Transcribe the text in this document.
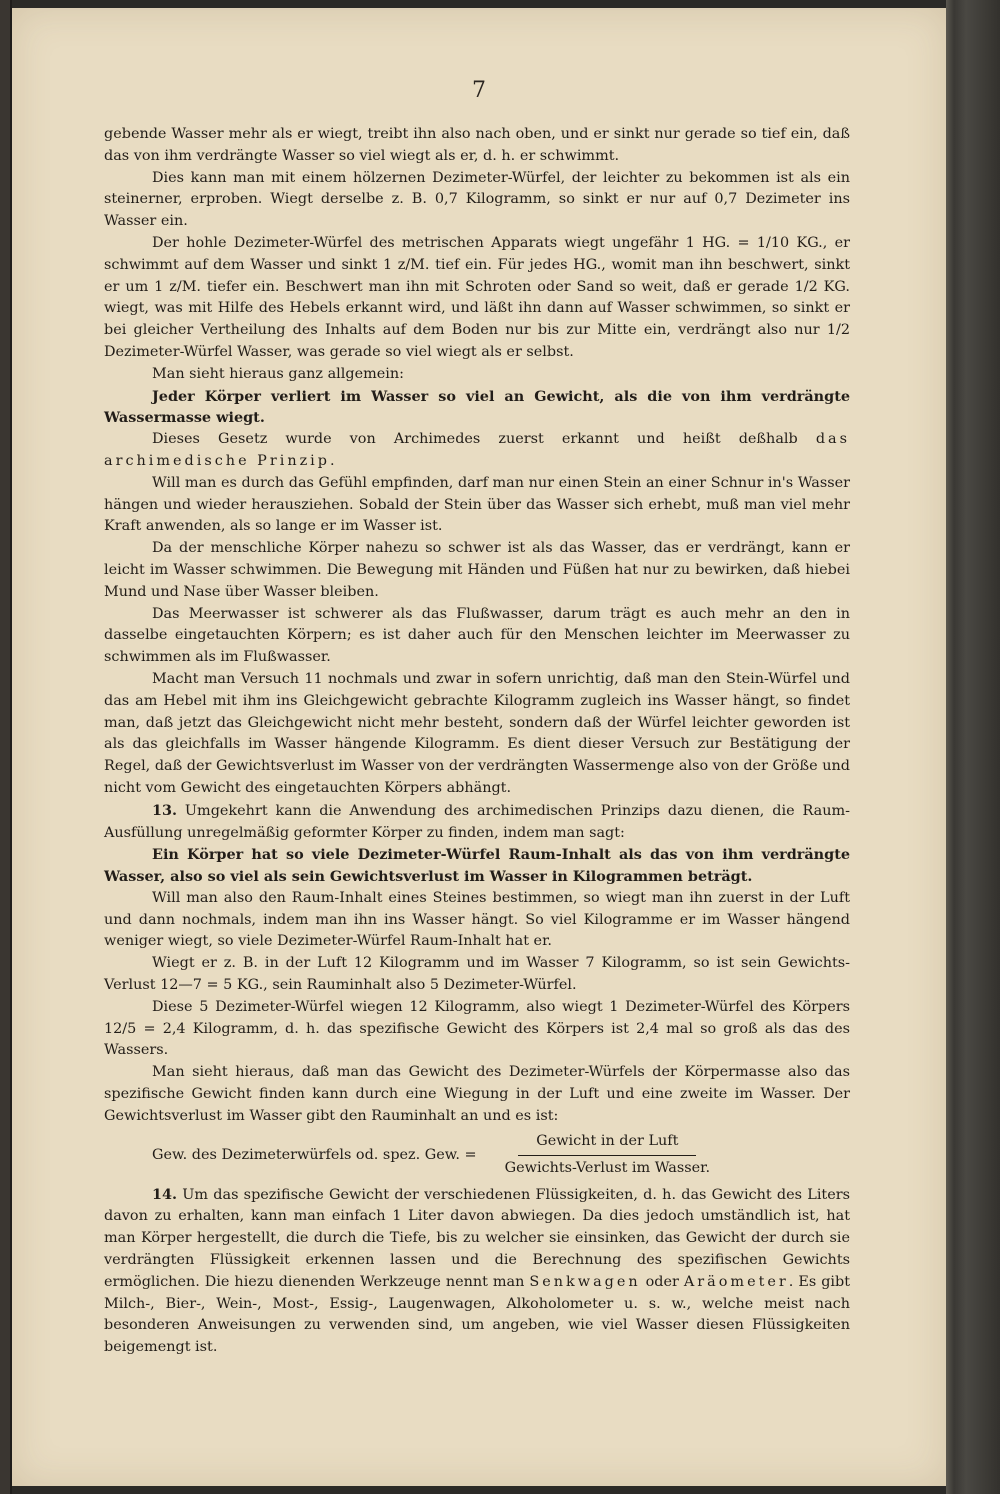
7

gebende Wasser mehr als er wiegt, treibt ihn also nach oben, und er sinkt nur gerade so tief ein, daß das von ihm verdrängte Wasser so viel wiegt als er, d. h. er schwimmt.

Dies kann man mit einem hölzernen Dezimeter-Würfel, der leichter zu bekommen ist als ein steinerner, erproben. Wiegt derselbe z. B. 0,7 Kilogramm, so sinkt er nur auf 0,7 Dezimeter ins Wasser ein.

Der hohle Dezimeter-Würfel des metrischen Apparats wiegt ungefähr 1 HG. = 1/10 KG., er schwimmt auf dem Wasser und sinkt 1 z/M. tief ein. Für jedes HG., womit man ihn beschwert, sinkt er um 1 z/M. tiefer ein. Beschwert man ihn mit Schroten oder Sand so weit, daß er gerade 1/2 KG. wiegt, was mit Hilfe des Hebels erkannt wird, und läßt ihn dann auf Wasser schwimmen, so sinkt er bei gleicher Vertheilung des Inhalts auf dem Boden nur bis zur Mitte ein, verdrängt also nur 1/2 Dezimeter-Würfel Wasser, was gerade so viel wiegt als er selbst.

Man sieht hieraus ganz allgemein:

Jeder Körper verliert im Wasser so viel an Gewicht, als die von ihm verdrängte Wassermasse wiegt.

Dieses Gesetz wurde von Archimedes zuerst erkannt und heißt deßhalb das archimedische Prinzip.

Will man es durch das Gefühl empfinden, darf man nur einen Stein an einer Schnur in's Wasser hängen und wieder herausziehen. Sobald der Stein über das Wasser sich erhebt, muß man viel mehr Kraft anwenden, als so lange er im Wasser ist.

Da der menschliche Körper nahezu so schwer ist als das Wasser, das er verdrängt, kann er leicht im Wasser schwimmen. Die Bewegung mit Händen und Füßen hat nur zu bewirken, daß hiebei Mund und Nase über Wasser bleiben.

Das Meerwasser ist schwerer als das Flußwasser, darum trägt es auch mehr an den in dasselbe eingetauchten Körpern; es ist daher auch für den Menschen leichter im Meerwasser zu schwimmen als im Flußwasser.

Macht man Versuch 11 nochmals und zwar in sofern unrichtig, daß man den Stein-Würfel und das am Hebel mit ihm ins Gleichgewicht gebrachte Kilogramm zugleich ins Wasser hängt, so findet man, daß jetzt das Gleichgewicht nicht mehr besteht, sondern daß der Würfel leichter geworden ist als das gleichfalls im Wasser hängende Kilogramm. Es dient dieser Versuch zur Bestätigung der Regel, daß der Gewichtsverlust im Wasser von der verdrängten Wassermenge also von der Größe und nicht vom Gewicht des eingetauchten Körpers abhängt.

13. Umgekehrt kann die Anwendung des archimedischen Prinzips dazu dienen, die Raum-Ausfüllung unregelmäßig geformter Körper zu finden, indem man sagt:

Ein Körper hat so viele Dezimeter-Würfel Raum-Inhalt als das von ihm verdrängte Wasser, also so viel als sein Gewichtsverlust im Wasser in Kilogrammen beträgt.

Will man also den Raum-Inhalt eines Steines bestimmen, so wiegt man ihn zuerst in der Luft und dann nochmals, indem man ihn ins Wasser hängt. So viel Kilogramme er im Wasser hängend weniger wiegt, so viele Dezimeter-Würfel Raum-Inhalt hat er.

Wiegt er z. B. in der Luft 12 Kilogramm und im Wasser 7 Kilogramm, so ist sein Gewichts-Verlust 12—7 = 5 KG., sein Rauminhalt also 5 Dezimeter-Würfel.

Diese 5 Dezimeter-Würfel wiegen 12 Kilogramm, also wiegt 1 Dezimeter-Würfel des Körpers 12/5 = 2,4 Kilogramm, d. h. das spezifische Gewicht des Körpers ist 2,4 mal so groß als das des Wassers.

Man sieht hieraus, daß man das Gewicht des Dezimeter-Würfels der Körpermasse also das spezifische Gewicht finden kann durch eine Wiegung in der Luft und eine zweite im Wasser. Der Gewichtsverlust im Wasser gibt den Rauminhalt an und es ist:

Gew. des Dezimeterwürfels od. spez. Gew. = $\frac{\text{Gewicht in der Luft}}{\text{Gewichts-Verlust im Wasser.}}$

14. Um das spezifische Gewicht der verschiedenen Flüssigkeiten, d. h. das Gewicht des Liters davon zu erhalten, kann man einfach 1 Liter davon abwiegen. Da dies jedoch umständlich ist, hat man Körper hergestellt, die durch die Tiefe, bis zu welcher sie einsinken, das Gewicht der durch sie verdrängten Flüssigkeit erkennen lassen und die Berechnung des spezifischen Gewichts ermöglichen. Die hiezu dienenden Werkzeuge nennt man Senkwagen oder Aräometer. Es gibt Milch-, Bier-, Wein-, Most-, Essig-, Laugenwagen, Alkoholometer u. s. w., welche meist nach besonderen Anweisungen zu verwenden sind, um angeben, wie viel Wasser diesen Flüssigkeiten beigemengt ist.
